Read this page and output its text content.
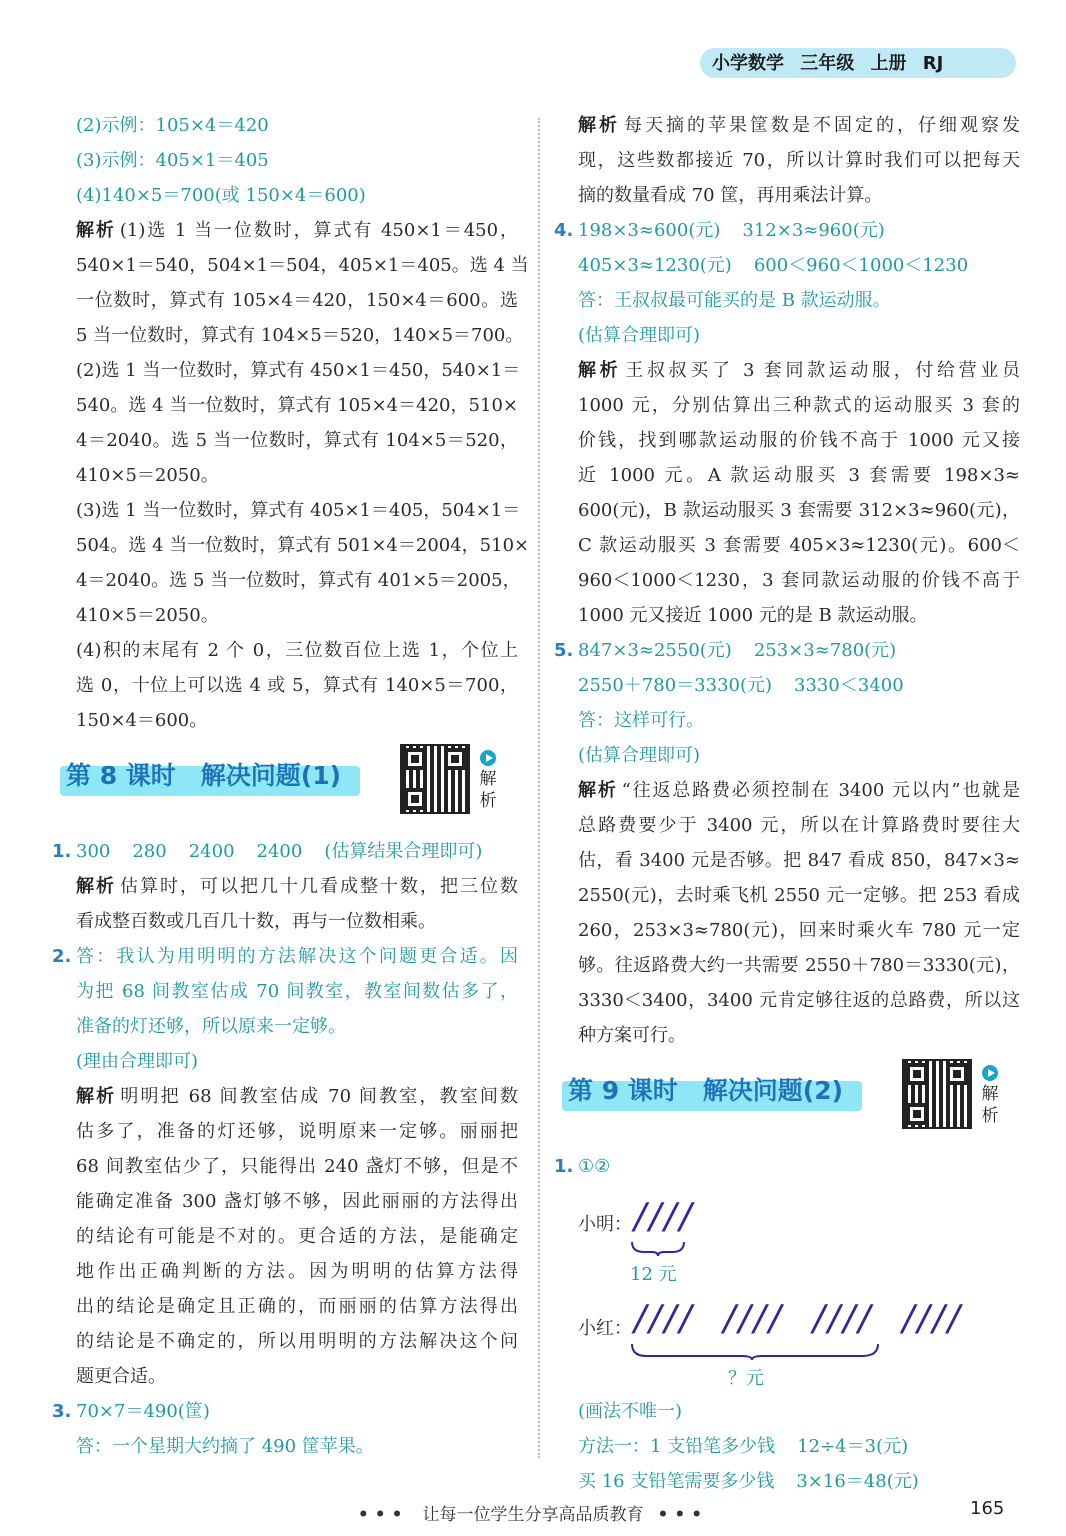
小学数学 三年级 上册 RJ
(2)示例：105×4＝420
(3)示例：405×1＝405
(4)140×5＝700(或 150×4＝600)
解析 (1)选 1 当一位数时，算式有 450×1＝450，
540×1＝540，504×1＝504，405×1＝405。选 4 当
一位数时，算式有 105×4＝420，150×4＝600。选
5 当一位数时，算式有 104×5＝520，140×5＝700。
(2)选 1 当一位数时，算式有 450×1＝450，540×1＝
540。选 4 当一位数时，算式有 105×4＝420，510×
4＝2040。选 5 当一位数时，算式有 104×5＝520，
410×5＝2050。
(3)选 1 当一位数时，算式有 405×1＝405，504×1＝
504。选 4 当一位数时，算式有 501×4＝2004，510×
4＝2040。选 5 当一位数时，算式有 401×5＝2005，
410×5＝2050。
(4)积的末尾有 2 个 0，三位数百位上选 1，个位上
选 0，十位上可以选 4 或 5，算式有 140×5＝700，
150×4＝600。
第 8 课时　解决问题(1)	解析
1. 300 280 2400 2400 (估算结果合理即可)
解析 估算时，可以把几十几看成整十数，把三位数
看成整百数或几百几十数，再与一位数相乘。
2. 答：我认为用明明的方法解决这个问题更合适。因
为把 68 间教室估成 70 间教室，教室间数估多了，
准备的灯还够，所以原来一定够。
(理由合理即可)
解析 明明把 68 间教室估成 70 间教室，教室间数
估多了，准备的灯还够，说明原来一定够。丽丽把
68 间教室估少了，只能得出 240 盏灯不够，但是不
能确定准备 300 盏灯够不够，因此丽丽的方法得出
的结论有可能是不对的。更合适的方法，是能确定
地作出正确判断的方法。因为明明的估算方法得
出的结论是确定且正确的，而丽丽的估算方法得出
的结论是不确定的，所以用明明的方法解决这个问
题更合适。
3. 70×7＝490(筐)
答：一个星期大约摘了 490 筐苹果。
解析 每天摘的苹果筐数是不固定的，仔细观察发
现，这些数都接近 70，所以计算时我们可以把每天
摘的数量看成 70 筐，再用乘法计算。
4. 198×3≈600(元) 312×3≈960(元)
405×3≈1230(元) 600＜960＜1000＜1230
答：王叔叔最可能买的是 B 款运动服。
(估算合理即可)
解析 王叔叔买了 3 套同款运动服，付给营业员
1000 元，分别估算出三种款式的运动服买 3 套的
价钱，找到哪款运动服的价钱不高于 1000 元又接
近 1000 元。A 款运动服买 3 套需要 198×3≈
600(元)，B 款运动服买 3 套需要 312×3≈960(元)，
C 款运动服买 3 套需要 405×3≈1230(元)。600＜
960＜1000＜1230，3 套同款运动服的价钱不高于
1000 元又接近 1000 元的是 B 款运动服。
5. 847×3≈2550(元) 253×3≈780(元)
2550＋780＝3330(元) 3330＜3400
答：这样可行。
(估算合理即可)
解析 “往返总路费必须控制在 3400 元以内”也就是
总路费要少于 3400 元，所以在计算路费时要往大
估，看 3400 元是否够。把 847 看成 850，847×3≈
2550(元)，去时乘飞机 2550 元一定够。把 253 看成
260，253×3≈780(元)，回来时乘火车 780 元一定
够。往返路费大约一共需要 2550＋780＝3330(元)，
3330＜3400，3400 元肯定够往返的总路费，所以这
种方案可行。
第 9 课时　解决问题(2)	解析
1. ①②
小明： ////
12 元
小红： ////  ////  ////  ////
？元
(画法不唯一)
方法一：1 支铅笔多少钱 12÷4＝3(元)
买 16 支铅笔需要多少钱 3×16＝48(元)
••• 让每一位学生分享高品质教育 •••	165
